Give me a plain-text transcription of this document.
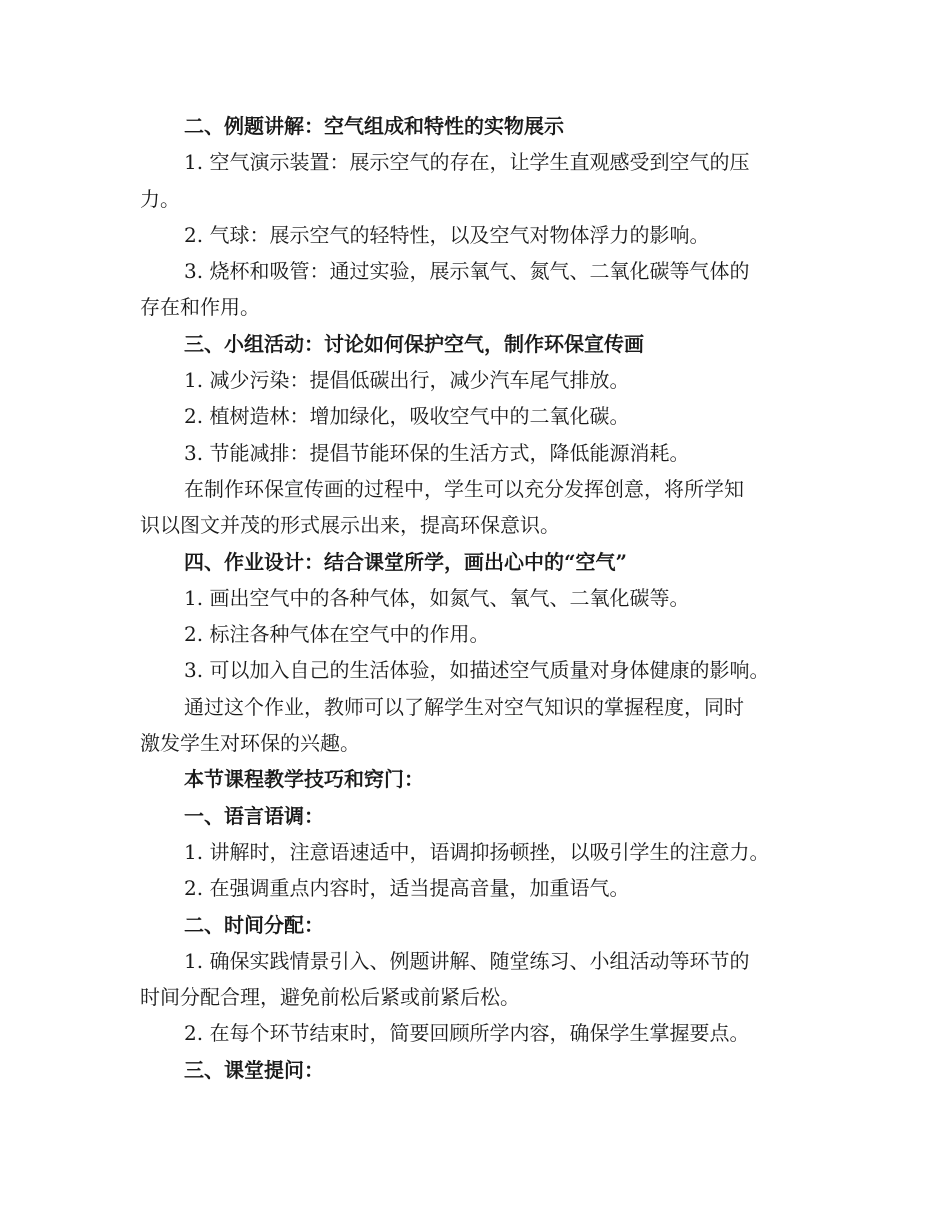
二、例题讲解：空气组成和特性的实物展示

1. 空气演示装置：展示空气的存在，让学生直观感受到空气的压

力。

2. 气球：展示空气的轻特性，以及空气对物体浮力的影响。

3. 烧杯和吸管：通过实验，展示氧气、氮气、二氧化碳等气体的

存在和作用。

三、小组活动：讨论如何保护空气，制作环保宣传画

1. 减少污染：提倡低碳出行，减少汽车尾气排放。

2. 植树造林：增加绿化，吸收空气中的二氧化碳。

3. 节能减排：提倡节能环保的生活方式，降低能源消耗。

在制作环保宣传画的过程中，学生可以充分发挥创意，将所学知

识以图文并茂的形式展示出来，提高环保意识。

四、作业设计：结合课堂所学，画出心中的“空气”

1. 画出空气中的各种气体，如氮气、氧气、二氧化碳等。

2. 标注各种气体在空气中的作用。

3. 可以加入自己的生活体验，如描述空气质量对身体健康的影响。

通过这个作业，教师可以了解学生对空气知识的掌握程度，同时

激发学生对环保的兴趣。

本节课程教学技巧和窍门：

一、语言语调：

1. 讲解时，注意语速适中，语调抑扬顿挫，以吸引学生的注意力。

2. 在强调重点内容时，适当提高音量，加重语气。

二、时间分配：

1. 确保实践情景引入、例题讲解、随堂练习、小组活动等环节的

时间分配合理，避免前松后紧或前紧后松。

2. 在每个环节结束时，简要回顾所学内容，确保学生掌握要点。

三、课堂提问：
